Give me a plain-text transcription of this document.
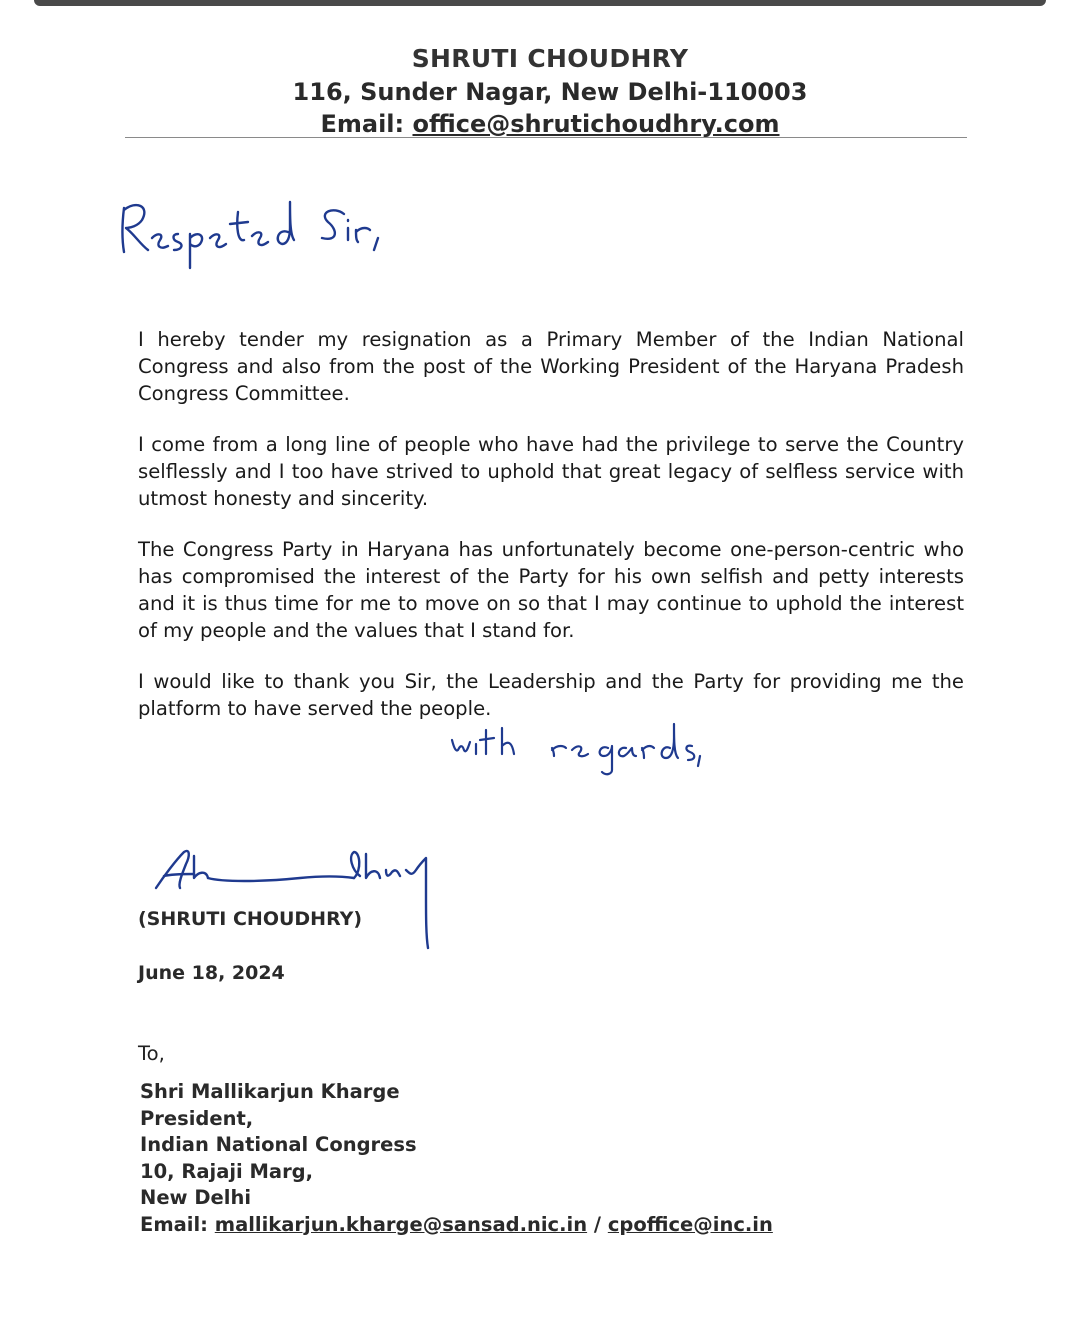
SHRUTI CHOUDHRY
116, Sunder Nagar, New Delhi-110003
Email: office@shrutichoudhry.com

I hereby tender my resignation as a Primary Member of the Indian National Congress and also from the post of the Working President of the Haryana Pradesh Congress Committee.

I come from a long line of people who have had the privilege to serve the Country selflessly and I too have strived to uphold that great legacy of selfless service with utmost honesty and sincerity.

The Congress Party in Haryana has unfortunately become one-person-centric who has compromised the interest of the Party for his own selfish and petty interests and it is thus time for me to move on so that I may continue to uphold the interest of my people and the values that I stand for.

I would like to thank you Sir, the Leadership and the Party for providing me the platform to have served the people.

(SHRUTI CHOUDHRY)
June 18, 2024
To,
Shri Mallikarjun Kharge
President,
Indian National Congress
10, Rajaji Marg,
New Delhi
Email: mallikarjun.kharge@sansad.nic.in / cpoffice@inc.in
